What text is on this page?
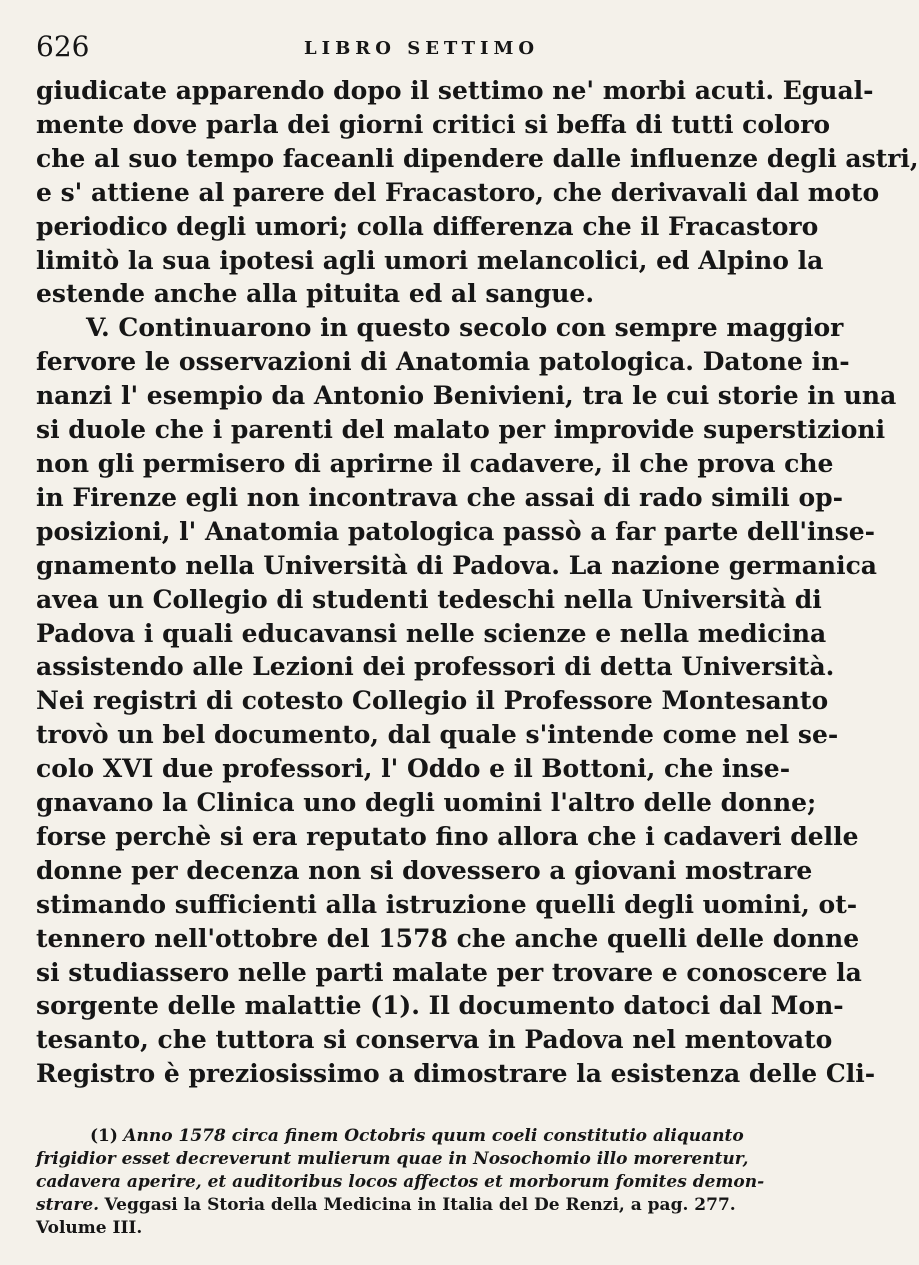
626	LIBRO SETTIMO
giudicate apparendo dopo il settimo ne' morbi acuti. Egual-
mente dove parla dei giorni critici si beffa di tutti coloro
che al suo tempo faceanli dipendere dalle influenze degli astri,
e s' attiene al parere del Fracastoro, che derivavali dal moto
periodico degli umori; colla differenza che il Fracastoro
limitò la sua ipotesi agli umori melancolici, ed Alpino la
estende anche alla pituita ed al sangue.
V. Continuarono in questo secolo con sempre maggior
fervore le osservazioni di Anatomia patologica. Datone in-
nanzi l' esempio da Antonio Benivieni, tra le cui storie in una
si duole che i parenti del malato per improvide superstizioni
non gli permisero di aprirne il cadavere, il che prova che
in Firenze egli non incontrava che assai di rado simili op-
posizioni, l' Anatomia patologica passò a far parte dell'inse-
gnamento nella Università di Padova. La nazione germanica
avea un Collegio di studenti tedeschi nella Università di
Padova i quali educavansi nelle scienze e nella medicina
assistendo alle Lezioni dei professori di detta Università.
Nei registri di cotesto Collegio il Professore Montesanto
trovò un bel documento, dal quale s'intende come nel se-
colo XVI due professori, l' Oddo e il Bottoni, che inse-
gnavano la Clinica uno degli uomini l'altro delle donne;
forse perchè si era reputato fino allora che i cadaveri delle
donne per decenza non si dovessero a giovani mostrare
stimando sufficienti alla istruzione quelli degli uomini, ot-
tennero nell'ottobre del 1578 che anche quelli delle donne
si studiassero nelle parti malate per trovare e conoscere la
sorgente delle malattie (1). Il documento datoci dal Mon-
tesanto, che tuttora si conserva in Padova nel mentovato
Registro è preziosissimo a dimostrare la esistenza delle Cli-
(1) Anno 1578 circa finem Octobris quum coeli constitutio aliquanto
frigidior esset decreverunt mulierum quae in Nosochomio illo morerentur,
cadavera aperire, et auditoribus locos affectos et morborum fomites demon-
strare. Veggasi la Storia della Medicina in Italia del De Renzi, a pag. 277.
Volume III.
